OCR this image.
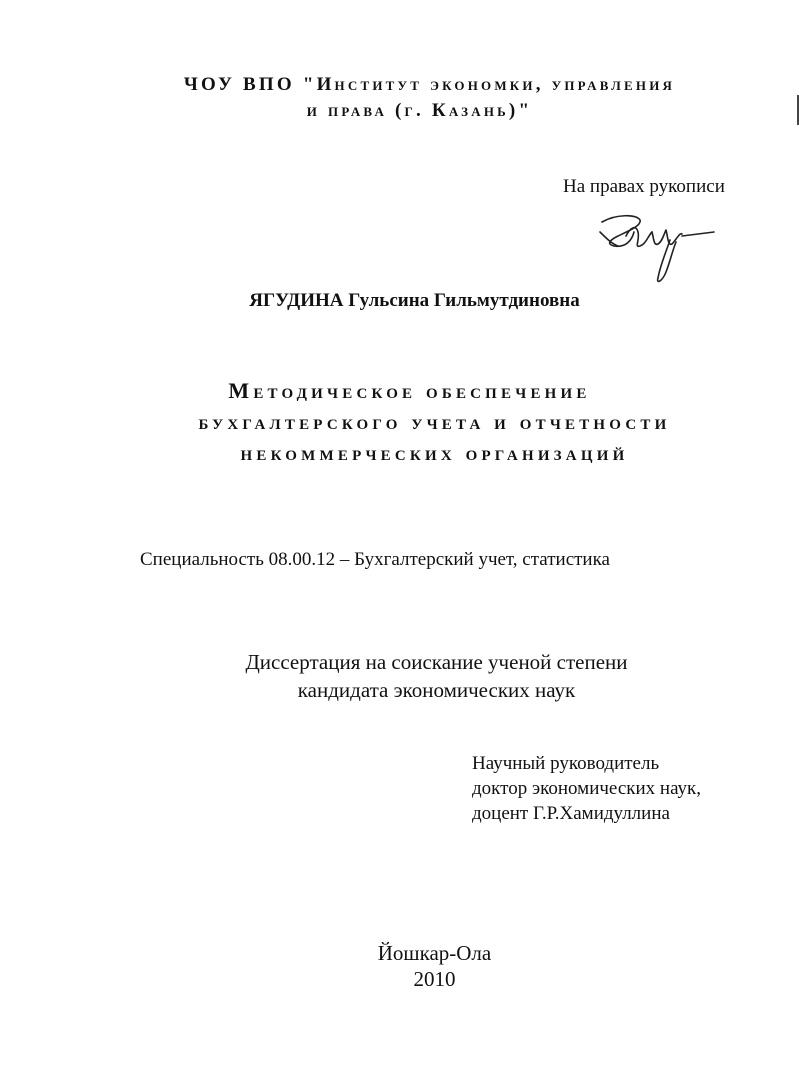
ЧОУ ВПО "Институт экономки, управления
и права (г. Казань)"
На правах рукописи
ЯГУДИНА Гульсина Гильмутдиновна
Методическое обеспечение
бухгалтерского учета и отчетности
некоммерческих организаций
Специальность 08.00.12 – Бухгалтерский учет, статистика
Диссертация на соискание ученой степени
кандидата экономических наук
Научный руководитель
доктор экономических наук,
доцент Г.Р.Хамидуллина
Йошкар-Ола
2010
